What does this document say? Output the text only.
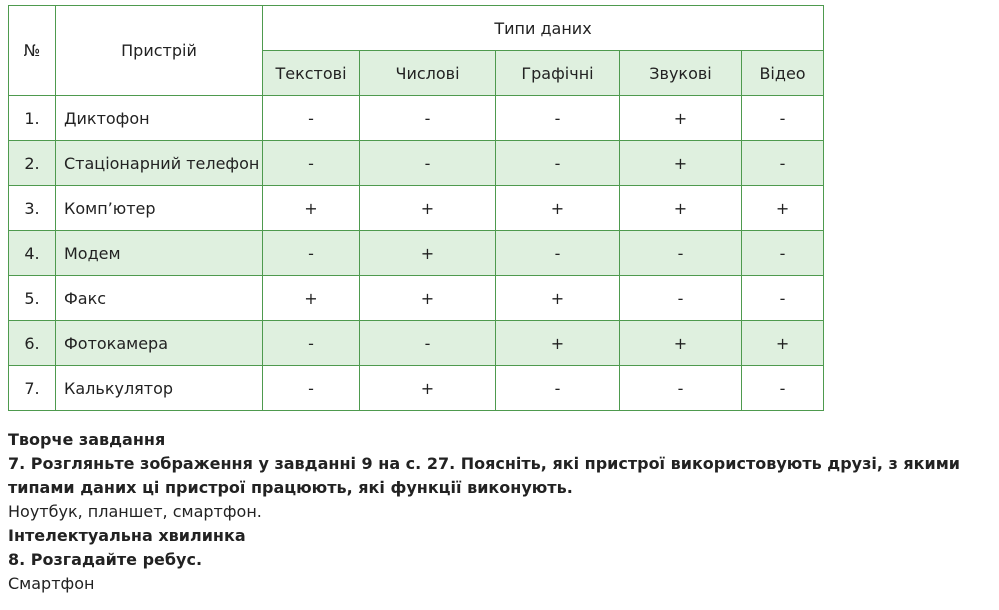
№	Пристрій	Типи даних				
		Текстові	Числові	Графічні	Звукові	Відео
1.	Диктофон	-	-	-	+	-
2.	Стаціонарний телефон	-	-	-	+	-
3.	Комп’ютер	+	+	+	+	+
4.	Модем	-	+	-	-	-
5.	Факс	+	+	+	-	-
6.	Фотокамера	-	-	+	+	+
7.	Калькулятор	-	+	-	-	-

Творче завдання

7. Розгляньте зображення у завданні 9 на с. 27. Поясніть, які пристрої використовують друзі, з якими типами даних ці пристрої працюють, які функції виконують.

Ноутбук, планшет, смартфон.

Інтелектуальна хвилинка

8. Розгадайте ребус.

Смартфон
